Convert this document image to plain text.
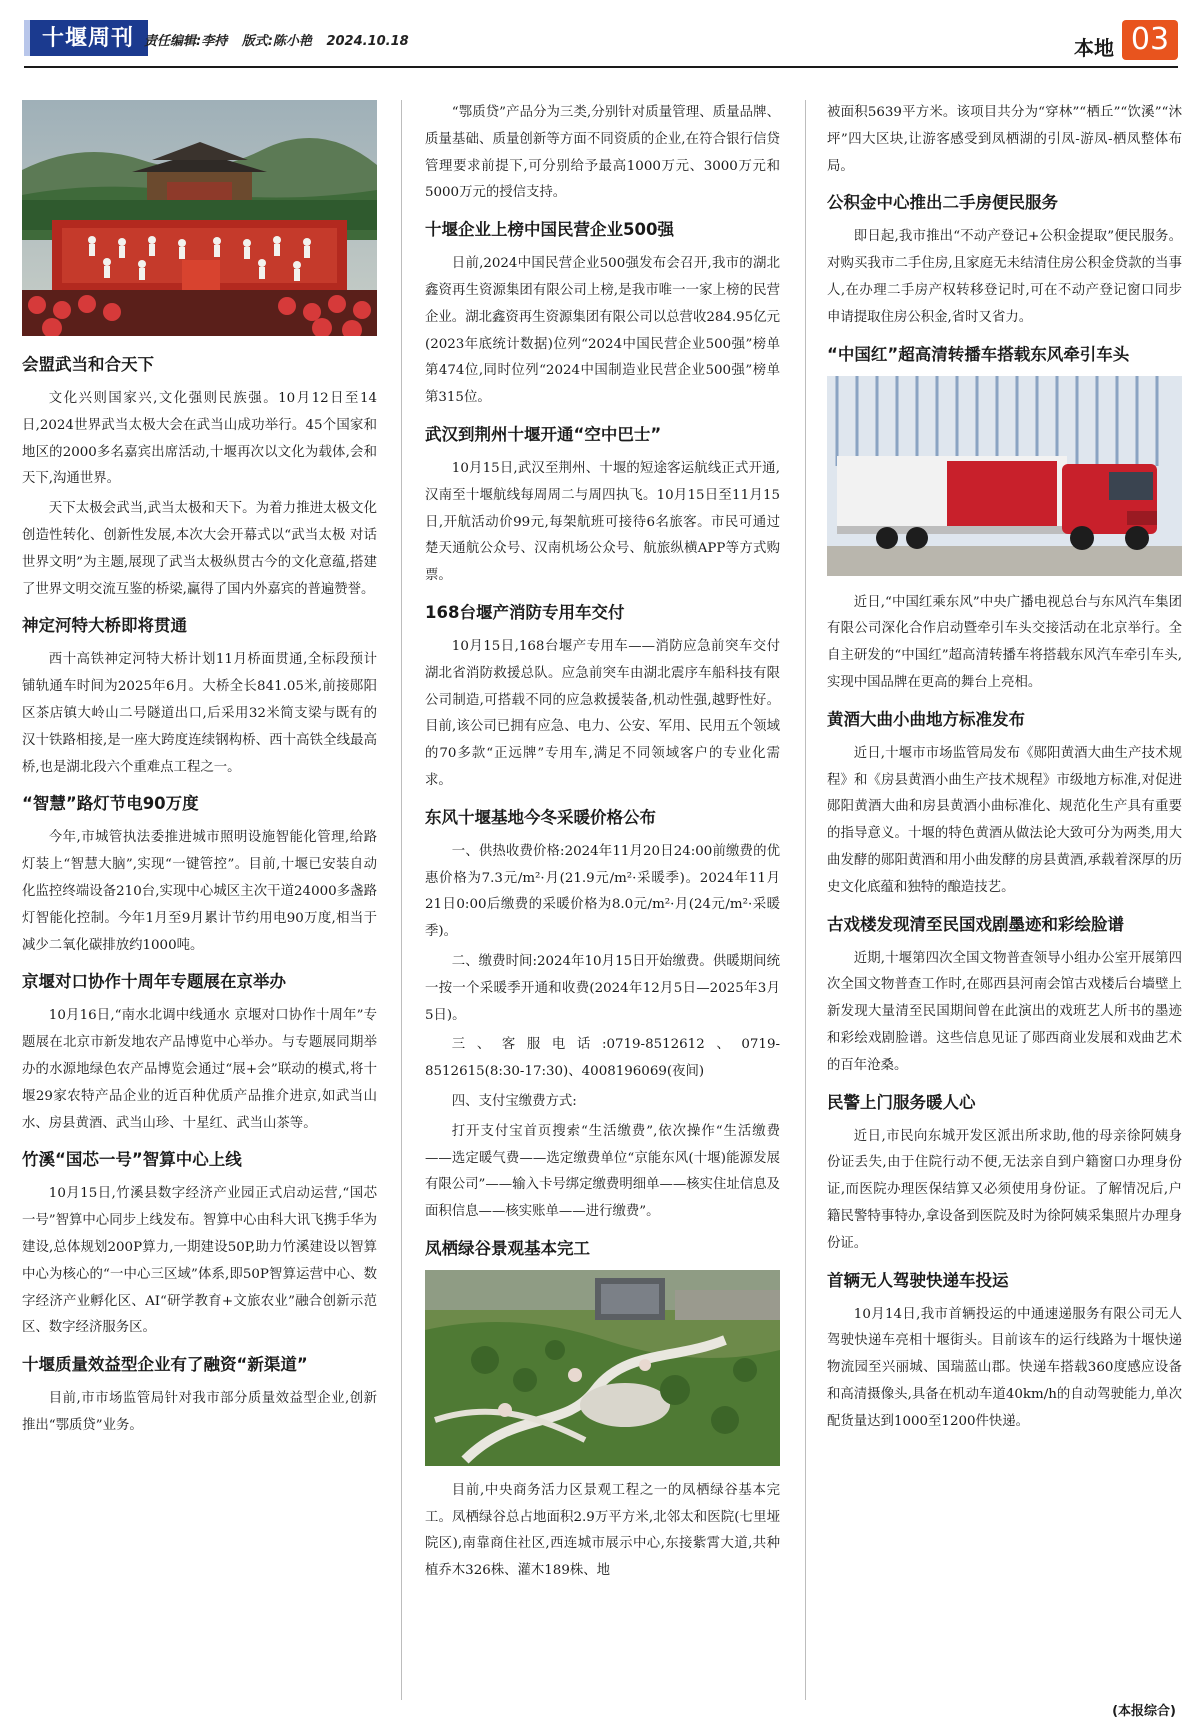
十堰周刊 责任编辑:李持 版式:陈小艳 2024.10.18	本地 03
会盟武当和合天下

文化兴则国家兴,文化强则民族强。10月12日至14日,2024世界武当太极大会在武当山成功举行。45个国家和地区的2000多名嘉宾出席活动,十堰再次以文化为载体,会和天下,沟通世界。

天下太极会武当,武当太极和天下。为着力推进太极文化创造性转化、创新性发展,本次大会开幕式以“武当太极 对话世界文明”为主题,展现了武当太极纵贯古今的文化意蕴,搭建了世界文明交流互鉴的桥梁,赢得了国内外嘉宾的普遍赞誉。

神定河特大桥即将贯通

西十高铁神定河特大桥计划11月桥面贯通,全标段预计铺轨通车时间为2025年6月。大桥全长841.05米,前接郧阳区茶店镇大岭山二号隧道出口,后采用32米简支梁与既有的汉十铁路相接,是一座大跨度连续钢构桥、西十高铁全线最高桥,也是湖北段六个重难点工程之一。

“智慧”路灯节电90万度

今年,市城管执法委推进城市照明设施智能化管理,给路灯装上“智慧大脑”,实现“一键管控”。目前,十堰已安装自动化监控终端设备210台,实现中心城区主次干道24000多盏路灯智能化控制。今年1月至9月累计节约用电90万度,相当于减少二氧化碳排放约1000吨。

京堰对口协作十周年专题展在京举办

10月16日,“南水北调中线通水 京堰对口协作十周年”专题展在北京市新发地农产品博览中心举办。与专题展同期举办的水源地绿色农产品博览会通过“展+会”联动的模式,将十堰29家农特产品企业的近百种优质产品推介进京,如武当山水、房县黄酒、武当山珍、十星红、武当山茶等。

竹溪“国芯一号”智算中心上线

10月15日,竹溪县数字经济产业园正式启动运营,“国芯一号”智算中心同步上线发布。智算中心由科大讯飞携手华为建设,总体规划200P算力,一期建设50P,助力竹溪建设以智算中心为核心的“一中心三区域”体系,即50P智算运营中心、数字经济产业孵化区、AI“研学教育+文旅农业”融合创新示范区、数字经济服务区。

十堰质量效益型企业有了融资“新渠道”

目前,市市场监管局针对我市部分质量效益型企业,创新推出“鄂质贷”业务。

“鄂质贷”产品分为三类,分别针对质量管理、质量品牌、质量基础、质量创新等方面不同资质的企业,在符合银行信贷管理要求前提下,可分别给予最高1000万元、3000万元和5000万元的授信支持。

十堰企业上榜中国民营企业500强

日前,2024中国民营企业500强发布会召开,我市的湖北鑫资再生资源集团有限公司上榜,是我市唯一一家上榜的民营企业。湖北鑫资再生资源集团有限公司以总营收284.95亿元(2023年底统计数据)位列“2024中国民营企业500强”榜单第474位,同时位列“2024中国制造业民营企业500强”榜单第315位。

武汉到荆州十堰开通“空中巴士”

10月15日,武汉至荆州、十堰的短途客运航线正式开通,汉南至十堰航线每周周二与周四执飞。10月15日至11月15日,开航活动价99元,每架航班可接待6名旅客。市民可通过楚天通航公众号、汉南机场公众号、航旅纵横APP等方式购票。

168台堰产消防专用车交付

10月15日,168台堰产专用车——消防应急前突车交付湖北省消防救援总队。应急前突车由湖北震序车船科技有限公司制造,可搭载不同的应急救援装备,机动性强,越野性好。目前,该公司已拥有应急、电力、公安、军用、民用五个领域的70多款“正远牌”专用车,满足不同领域客户的专业化需求。

东风十堰基地今冬采暖价格公布

一、供热收费价格:2024年11月20日24:00前缴费的优惠价格为7.3元/m²·月(21.9元/m²·采暖季)。2024年11月21日0:00后缴费的采暖价格为8.0元/m²·月(24元/m²·采暖季)。

二、缴费时间:2024年10月15日开始缴费。供暖期间统一按一个采暖季开通和收费(2024年12月5日—2025年3月5日)。

三、客服电话:0719-8512612、0719-8512615(8:30-17:30)、4008196069(夜间)

四、支付宝缴费方式:

打开支付宝首页搜索“生活缴费”,依次操作“生活缴费——选定暖气费——选定缴费单位“京能东风(十堰)能源发展有限公司”——输入卡号绑定缴费明细单——核实住址信息及面积信息——核实账单——进行缴费”。

凤栖绿谷景观基本完工

目前,中央商务活力区景观工程之一的凤栖绿谷基本完工。凤栖绿谷总占地面积2.9万平方米,北邻太和医院(七里垭院区),南靠商住社区,西连城市展示中心,东接紫霄大道,共种植乔木326株、灌木189株、地

被面积5639平方米。该项目共分为“穿林”“栖丘”“饮溪”“沐坪”四大区块,让游客感受到凤栖湖的引凤-游凤-栖凤整体布局。

公积金中心推出二手房便民服务

即日起,我市推出“不动产登记+公积金提取”便民服务。对购买我市二手住房,且家庭无未结清住房公积金贷款的当事人,在办理二手房产权转移登记时,可在不动产登记窗口同步申请提取住房公积金,省时又省力。

“中国红”超高清转播车搭载东风牵引车头

近日,“中国红乘东风”中央广播电视总台与东风汽车集团有限公司深化合作启动暨牵引车头交接活动在北京举行。全自主研发的“中国红”超高清转播车将搭载东风汽车牵引车头,实现中国品牌在更高的舞台上亮相。

黄酒大曲小曲地方标准发布

近日,十堰市市场监管局发布《郧阳黄酒大曲生产技术规程》和《房县黄酒小曲生产技术规程》市级地方标准,对促进郧阳黄酒大曲和房县黄酒小曲标准化、规范化生产具有重要的指导意义。十堰的特色黄酒从做法论大致可分为两类,用大曲发酵的郧阳黄酒和用小曲发酵的房县黄酒,承载着深厚的历史文化底蕴和独特的酿造技艺。

古戏楼发现清至民国戏剧墨迹和彩绘脸谱

近期,十堰第四次全国文物普查领导小组办公室开展第四次全国文物普查工作时,在郧西县河南会馆古戏楼后台墙壁上新发现大量清至民国期间曾在此演出的戏班艺人所书的墨迹和彩绘戏剧脸谱。这些信息见证了郧西商业发展和戏曲艺术的百年沧桑。

民警上门服务暖人心

近日,市民向东城开发区派出所求助,他的母亲徐阿姨身份证丢失,由于住院行动不便,无法亲自到户籍窗口办理身份证,而医院办理医保结算又必须使用身份证。了解情况后,户籍民警特事特办,拿设备到医院及时为徐阿姨采集照片办理身份证。

首辆无人驾驶快递车投运

10月14日,我市首辆投运的中通速递服务有限公司无人驾驶快递车亮相十堰街头。目前该车的运行线路为十堰快递物流园至兴丽城、国瑞蓝山郡。快递车搭载360度感应设备和高清摄像头,具备在机动车道40km/h的自动驾驶能力,单次配货量达到1000至1200件快递。

(本报综合)
